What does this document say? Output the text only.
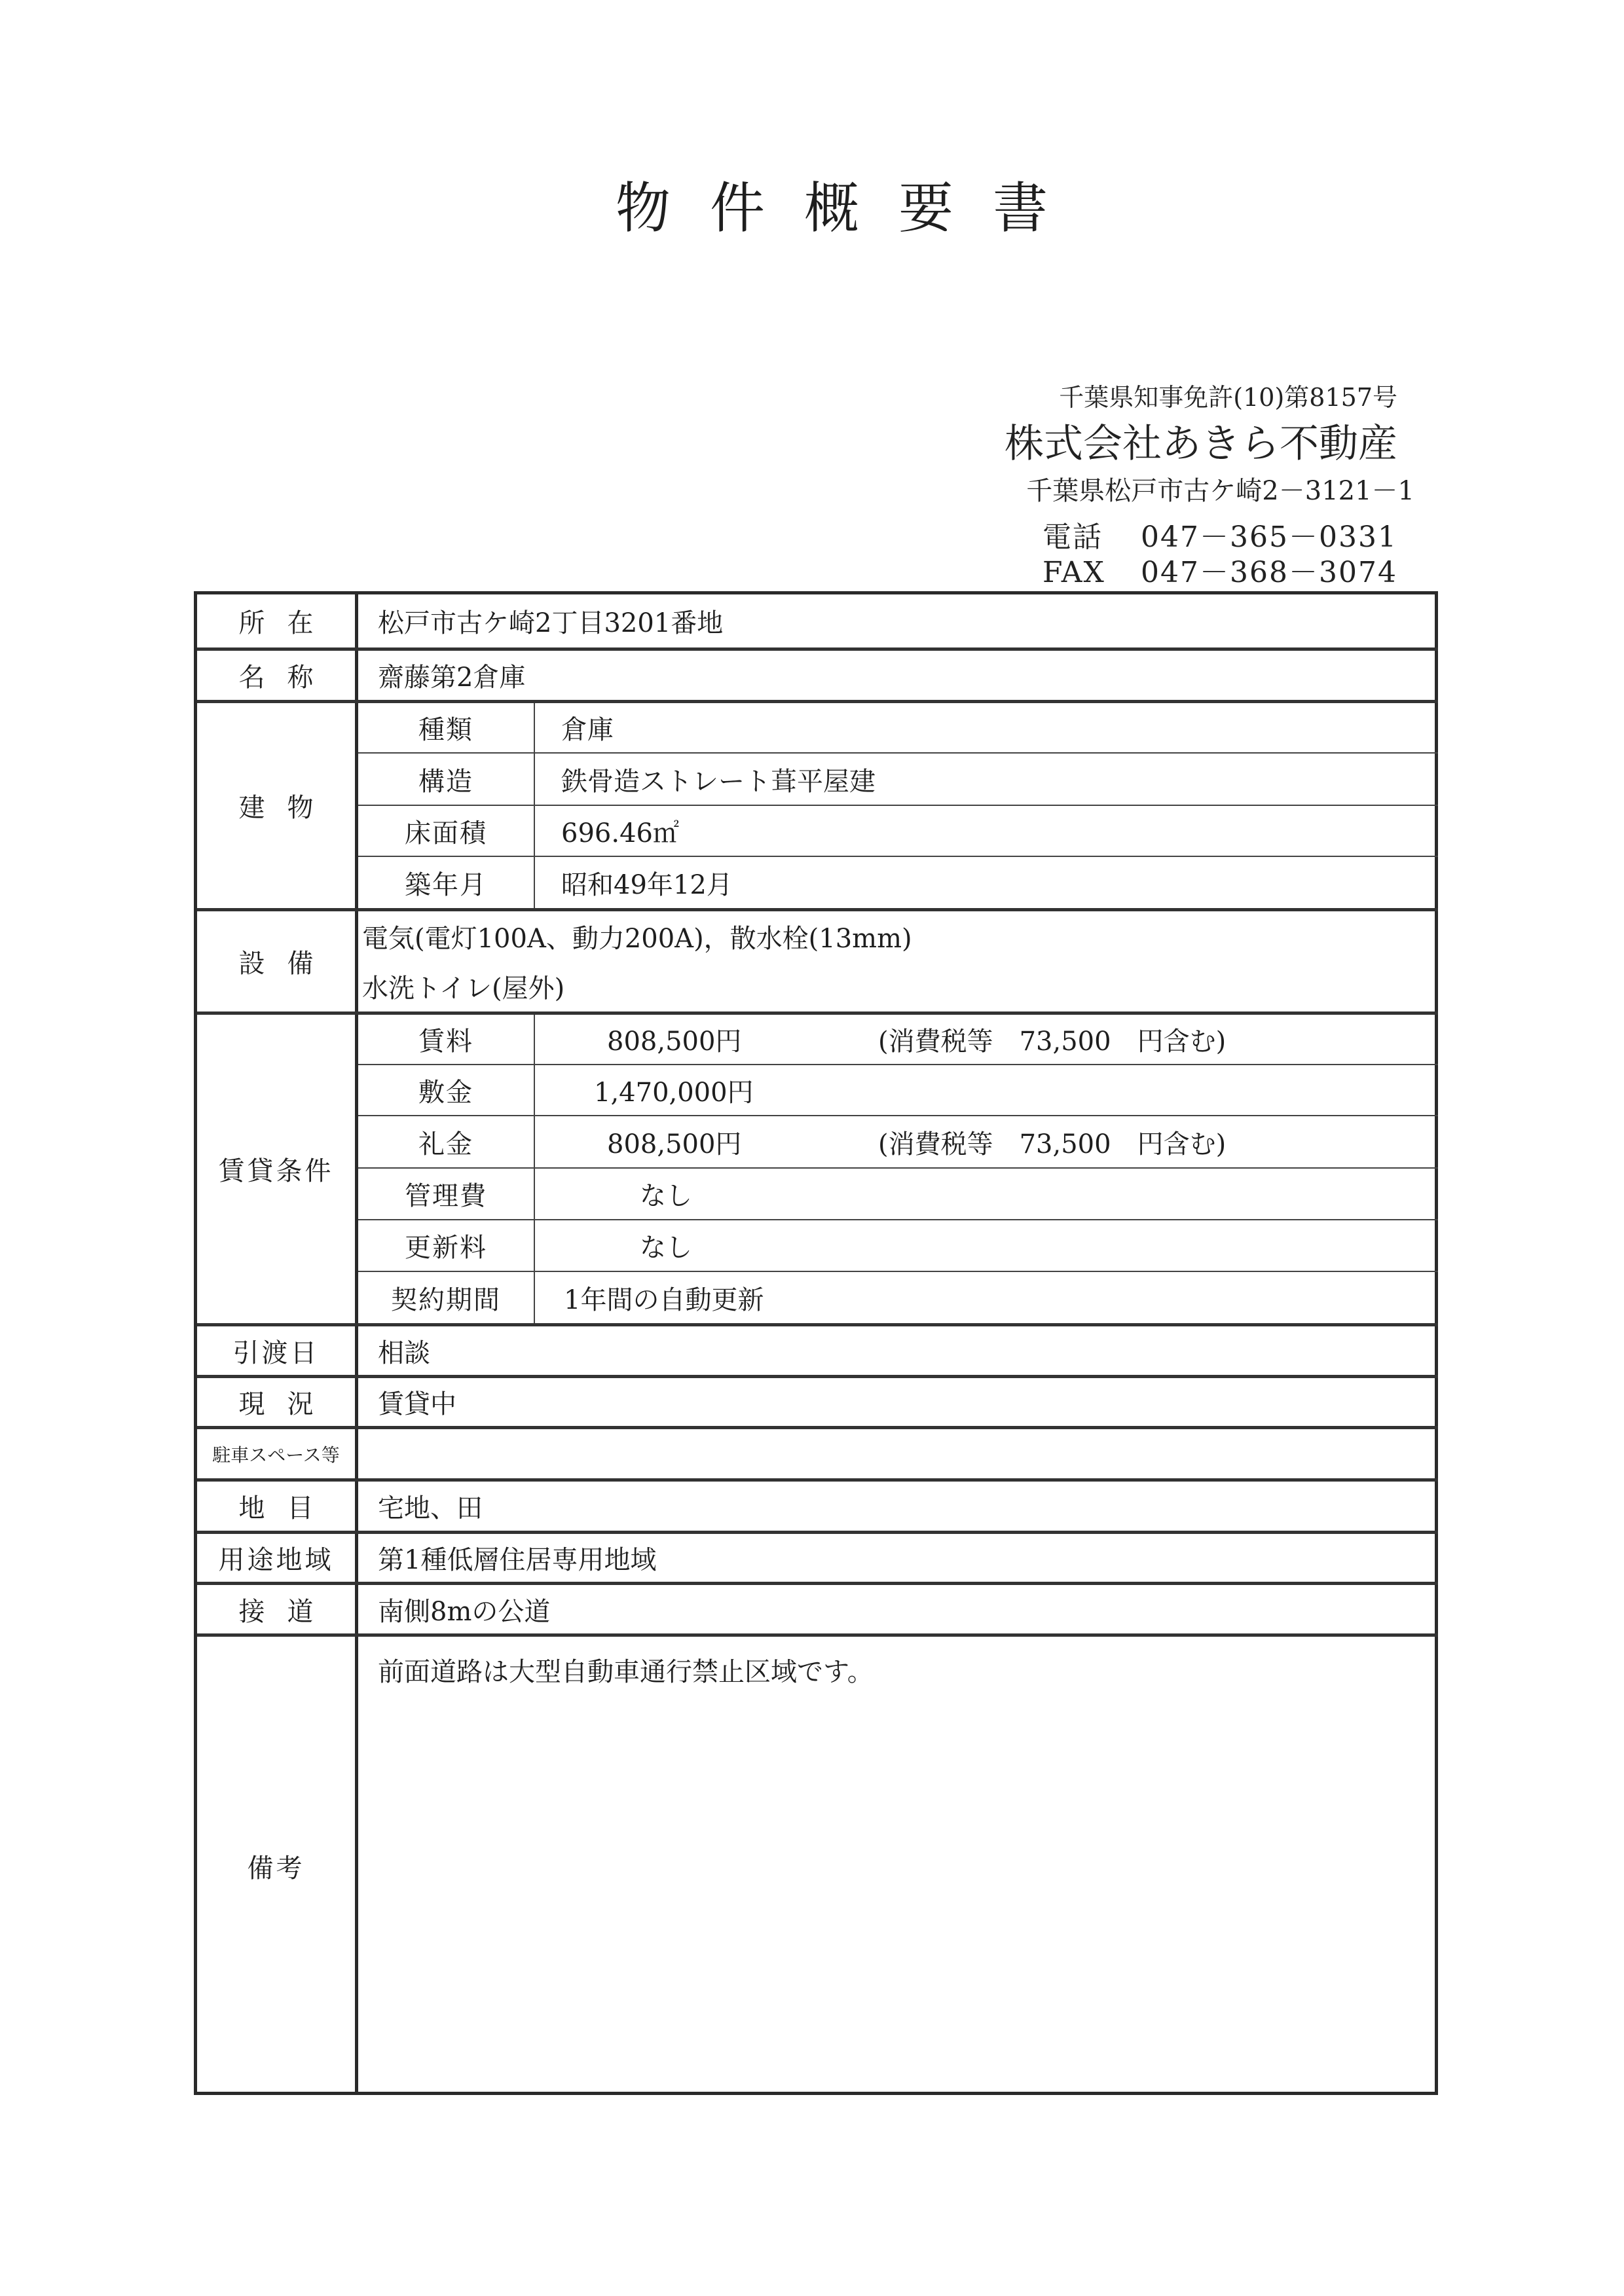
物件概要書
千葉県知事免許(10)第8157号
株式会社あきら不動産
千葉県松戸市古ケ崎2－3121－1
電話 047－365－0331
FAX 047－368－3074
所在	松戸市古ケ崎2丁目3201番地
名称	齋藤第2倉庫
建物
種類	倉庫
構造	鉄骨造ストレート葺平屋建
床面積	696.46㎡
築年月	昭和49年12月
設備
電気(電灯100A、動力200A)，散水栓(13mm)
水洗トイレ(屋外)
賃貸条件
賃料	808,500円	(消費税等　73,500　円含む)
敷金	1,470,000円
礼金	808,500円	(消費税等　73,500　円含む)
管理費	なし
更新料	なし
契約期間	1年間の自動更新
引渡日	相談
現況	賃貸中
駐車スペース等
地目	宅地、田
用途地域	第1種低層住居専用地域
接道	南側8mの公道
備考
前面道路は大型自動車通行禁止区域です。
